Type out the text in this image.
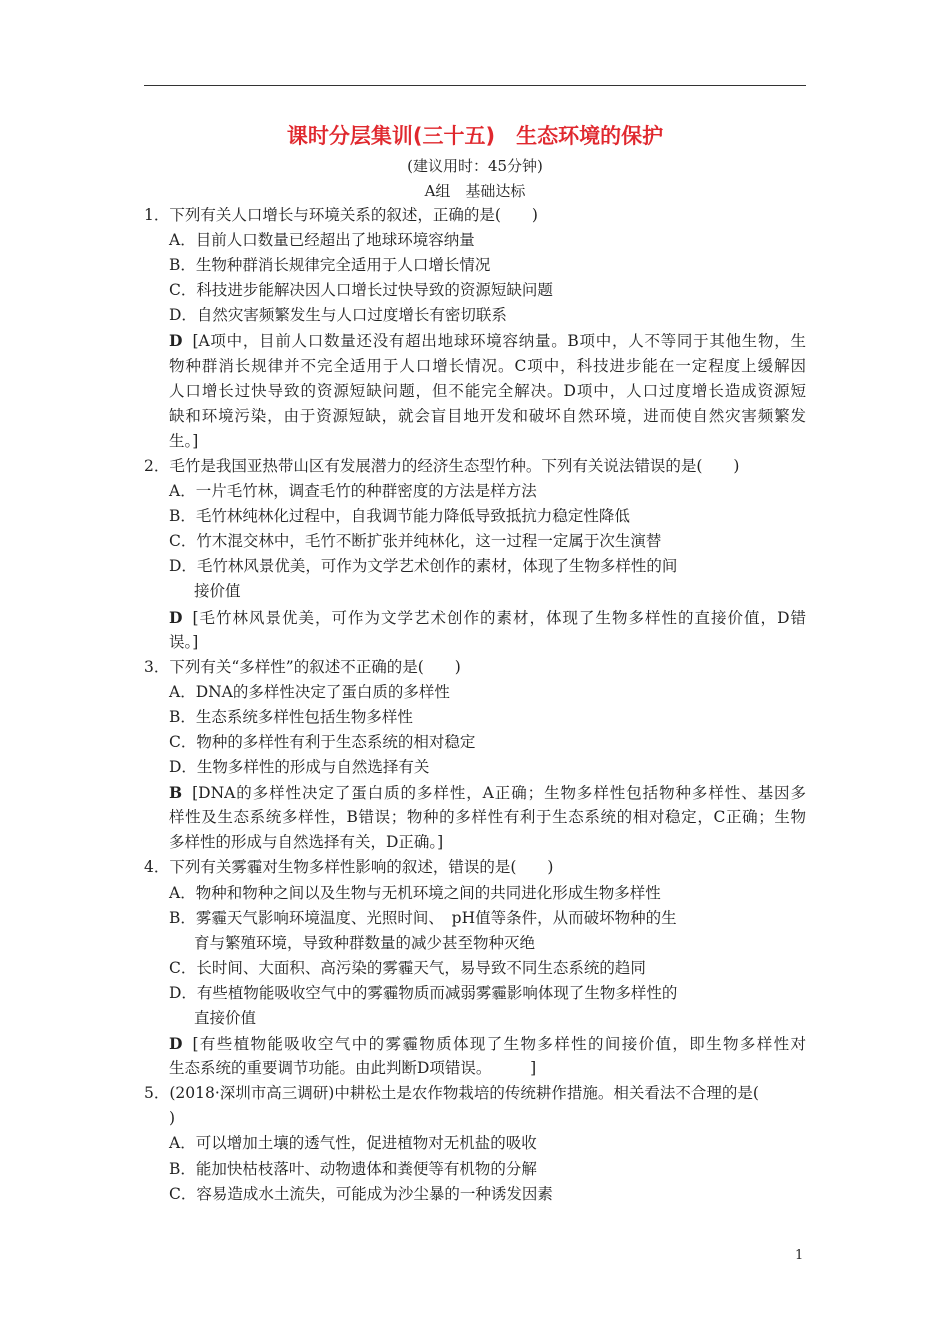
课时分层集训(三十五)　生态环境的保护
(建议用时：45分钟)
A组　基础达标
1．下列有关人口增长与环境关系的叙述，正确的是(　　)
A．目前人口数量已经超出了地球环境容纳量
B．生物种群消长规律完全适用于人口增长情况
C．科技进步能解决因人口增长过快导致的资源短缺问题
D．自然灾害频繁发生与人口过度增长有密切联系
D [A项中，目前人口数量还没有超出地球环境容纳量。B项中，人不等同于其他生物，生
物种群消长规律并不完全适用于人口增长情况。C项中，科技进步能在一定程度上缓解因
人口增长过快导致的资源短缺问题，但不能完全解决。D项中，人口过度增长造成资源短
缺和环境污染，由于资源短缺，就会盲目地开发和破坏自然环境，进而使自然灾害频繁发
生。]
2．毛竹是我国亚热带山区有发展潜力的经济生态型竹种。下列有关说法错误的是(　　)
A．一片毛竹林，调查毛竹的种群密度的方法是样方法
B．毛竹林纯林化过程中，自我调节能力降低导致抵抗力稳定性降低
C．竹木混交林中，毛竹不断扩张并纯林化，这一过程一定属于次生演替
D．毛竹林风景优美，可作为文学艺术创作的素材，体现了生物多样性的间
接价值
D [毛竹林风景优美，可作为文学艺术创作的素材，体现了生物多样性的直接价值，D错
误。]
3．下列有关“多样性”的叙述不正确的是(　　)
A．DNA的多样性决定了蛋白质的多样性
B．生态系统多样性包括生物多样性
C．物种的多样性有利于生态系统的相对稳定
D．生物多样性的形成与自然选择有关
B [DNA的多样性决定了蛋白质的多样性，A正确；生物多样性包括物种多样性、基因多
样性及生态系统多样性，B错误；物种的多样性有利于生态系统的相对稳定，C正确；生物
多样性的形成与自然选择有关，D正确。]
4．下列有关雾霾对生物多样性影响的叙述，错误的是(　　)
A．物种和物种之间以及生物与无机环境之间的共同进化形成生物多样性
B．雾霾天气影响环境温度、光照时间、　pH值等条件，从而破坏物种的生
育与繁殖环境，导致种群数量的减少甚至物种灭绝
C．长时间、大面积、高污染的雾霾天气，易导致不同生态系统的趋同
D．有些植物能吸收空气中的雾霾物质而减弱雾霾影响体现了生物多样性的
直接价值
D [有些植物能吸收空气中的雾霾物质体现了生物多样性的间接价值，即生物多样性对
生态系统的重要调节功能。由此判断D项错误。　　　]
5．(2018·深圳市高三调研)中耕松土是农作物栽培的传统耕作措施。相关看法不合理的是(
)
A．可以增加土壤的透气性，促进植物对无机盐的吸收
B．能加快枯枝落叶、动物遗体和粪便等有机物的分解
C．容易造成水土流失，可能成为沙尘暴的一种诱发因素
1
